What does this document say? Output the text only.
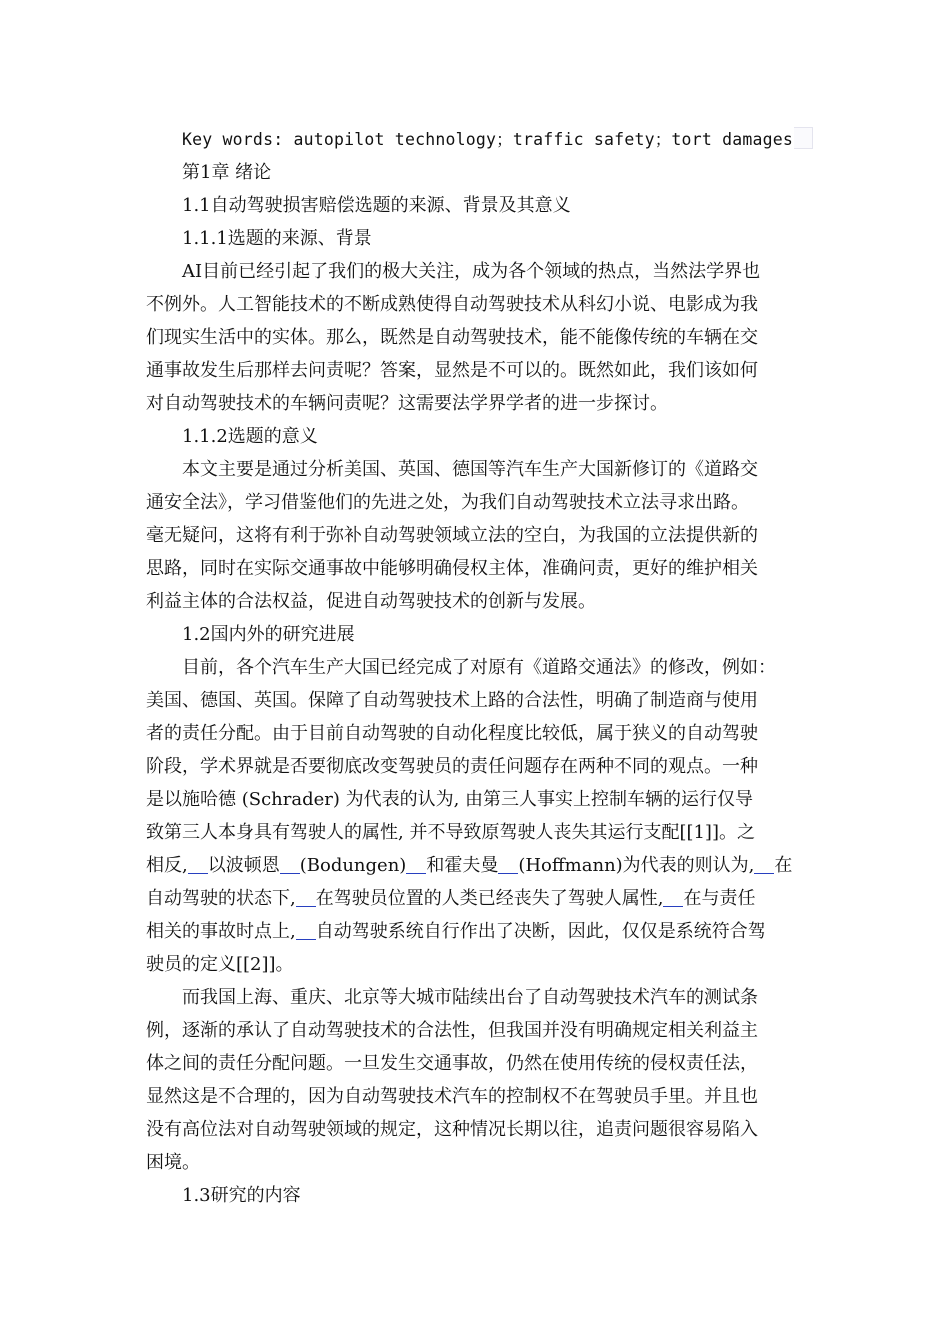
Key words: autopilot technology；traffic safety；tort damages
第1章 绪论
1.1自动驾驶损害赔偿选题的来源、背景及其意义
1.1.1选题的来源、背景
AI目前已经引起了我们的极大关注，成为各个领域的热点，当然法学界也
不例外。人工智能技术的不断成熟使得自动驾驶技术从科幻小说、电影成为我
们现实生活中的实体。那么，既然是自动驾驶技术，能不能像传统的车辆在交
通事故发生后那样去问责呢？答案，显然是不可以的。既然如此，我们该如何
对自动驾驶技术的车辆问责呢？这需要法学界学者的进一步探讨。
1.1.2选题的意义
本文主要是通过分析美国、英国、德国等汽车生产大国新修订的《道路交
通安全法》，学习借鉴他们的先进之处，为我们自动驾驶技术立法寻求出路。
毫无疑问，这将有利于弥补自动驾驶领域立法的空白，为我国的立法提供新的
思路，同时在实际交通事故中能够明确侵权主体，准确问责，更好的维护相关
利益主体的合法权益，促进自动驾驶技术的创新与发展。
1.2国内外的研究进展
目前，各个汽车生产大国已经完成了对原有《道路交通法》的修改，例如：
美国、德国、英国。保障了自动驾驶技术上路的合法性，明确了制造商与使用
者的责任分配。由于目前自动驾驶的自动化程度比较低，属于狭义的自动驾驶
阶段，学术界就是否要彻底改变驾驶员的责任问题存在两种不同的观点。一种
是以施哈德 (Schrader) 为代表的认为, 由第三人事实上控制车辆的运行仅导
致第三人本身具有驾驶人的属性, 并不导致原驾驶人丧失其运行支配[[1]]。之
相反, 以波顿恩 (Bodungen) 和霍夫曼 (Hoffmann)为代表的则认为, 在
自动驾驶的状态下, 在驾驶员位置的人类已经丧失了驾驶人属性, 在与责任
相关的事故时点上, 自动驾驶系统自行作出了决断，因此，仅仅是系统符合驾
驶员的定义[[2]]。
而我国上海、重庆、北京等大城市陆续出台了自动驾驶技术汽车的测试条
例，逐渐的承认了自动驾驶技术的合法性，但我国并没有明确规定相关利益主
体之间的责任分配问题。一旦发生交通事故，仍然在使用传统的侵权责任法，
显然这是不合理的，因为自动驾驶技术汽车的控制权不在驾驶员手里。并且也
没有高位法对自动驾驶领域的规定，这种情况长期以往，追责问题很容易陷入
困境。
1.3研究的内容
